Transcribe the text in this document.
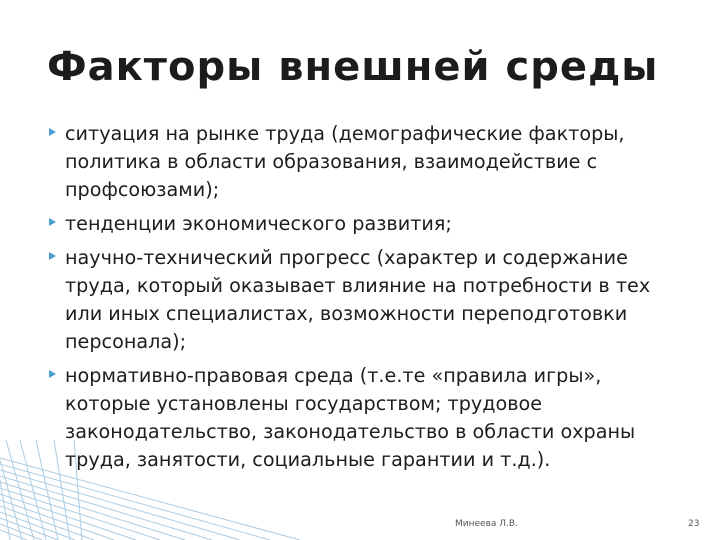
Факторы внешней среды
ситуация на рынке труда (демографические факторы, политика в области образования, взаимодействие с профсоюзами);
тенденции экономического развития;
научно-технический прогресс (характер и содержание труда, который оказывает влияние на потребности в тех или иных специалистах, возможности переподготовки персонала);
нормативно-правовая среда (т.е.те «правила игры», которые установлены государством; трудовое законодательство, законодательство в области охраны труда, занятости, социальные гарантии и т.д.).
Минеева Л.В.	23
